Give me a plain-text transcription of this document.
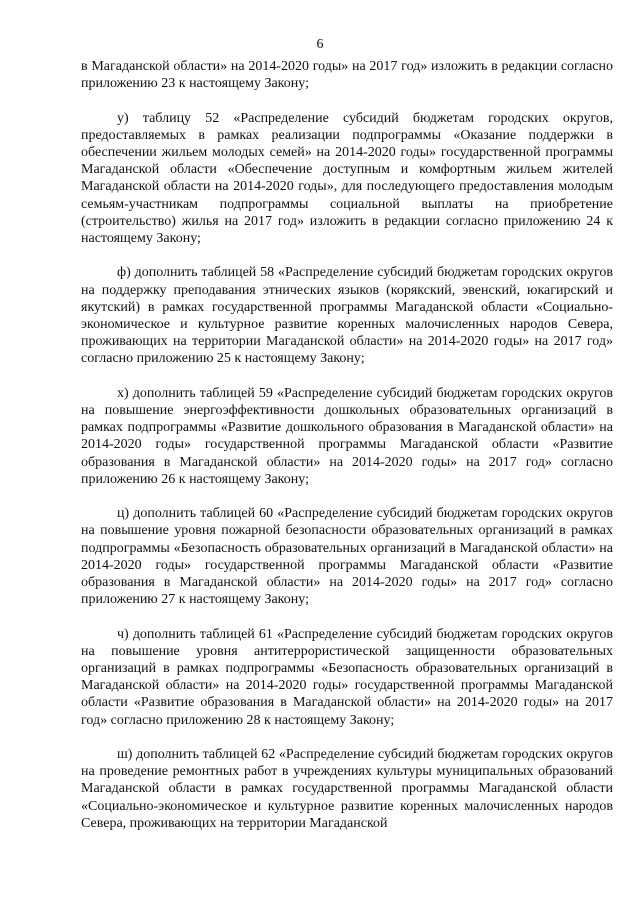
6

в Магаданской области» на 2014-2020 годы» на 2017 год» изложить в редакции согласно приложению 23 к настоящему Закону;

у) таблицу 52 «Распределение субсидий бюджетам городских округов, предоставляемых в рамках реализации подпрограммы «Оказание поддержки в обеспечении жильем молодых семей» на 2014-2020 годы» государственной программы Магаданской области «Обеспечение доступным и комфортным жильем жителей Магаданской области на 2014-2020 годы», для последующего предоставления молодым семьям-участникам подпрограммы социальной выплаты на приобретение (строительство) жилья на 2017 год» изложить в редакции согласно приложению 24 к настоящему Закону;

ф) дополнить таблицей 58 «Распределение субсидий бюджетам городских округов на поддержку преподавания этнических языков (корякский, эвенский, юкагирский и якутский) в рамках государственной программы Магаданской области «Социально-экономическое и культурное развитие коренных малочисленных народов Севера, проживающих на территории Магаданской области» на 2014-2020 годы» на 2017 год» согласно приложению 25 к настоящему Закону;

х) дополнить таблицей 59 «Распределение субсидий бюджетам городских округов на повышение энергоэффективности дошкольных образовательных организаций в рамках подпрограммы «Развитие дошкольного образования в Магаданской области» на 2014-2020 годы» государственной программы Магаданской области «Развитие образования в Магаданской области» на 2014-2020 годы» на 2017 год» согласно приложению 26 к настоящему Закону;

ц) дополнить таблицей 60 «Распределение субсидий бюджетам городских округов на повышение уровня пожарной безопасности образовательных организаций в рамках подпрограммы «Безопасность образовательных организаций в Магаданской области» на 2014-2020 годы» государственной программы Магаданской области «Развитие образования в Магаданской области» на 2014-2020 годы» на 2017 год» согласно приложению 27 к настоящему Закону;

ч) дополнить таблицей 61 «Распределение субсидий бюджетам городских округов на повышение уровня антитеррористической защищенности образовательных организаций в рамках подпрограммы «Безопасность образовательных организаций в Магаданской области» на 2014-2020 годы» государственной программы Магаданской области «Развитие образования в Магаданской области» на 2014-2020 годы» на 2017 год» согласно приложению 28 к настоящему Закону;

ш) дополнить таблицей 62 «Распределение субсидий бюджетам городских округов на проведение ремонтных работ в учреждениях культуры муниципальных образований Магаданской области в рамках государственной программы Магаданской области «Социально-экономическое и культурное развитие коренных малочисленных народов Севера, проживающих на территории Магаданской
